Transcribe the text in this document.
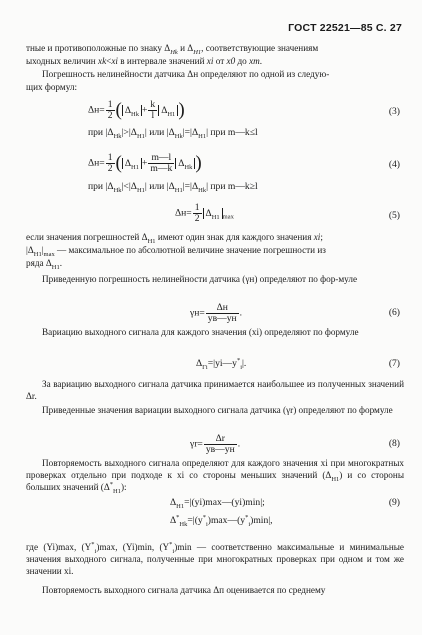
ГОСТ 22521—85 С. 27
тные и противоположные по знаку $\Delta_{Hk}$ и $\Delta_{H1}$, соответствующие значениям
ыходных величин xk<xi в интервале значений xi от x0 до xm.
Погрешность нелинейности датчика Δн определяют по одной из следую-
щих формул:
$\Delta н= \frac{1}{2}$ ( $\Delta_{Hk} + \frac{k}{l} \Delta_{H1}$ )	(3)
при $|\Delta_{Hk}|>|\Delta_{H1}|$ или $|\Delta_{Hk}|=|\Delta_{H1}|$ при m—k≤l
$\Delta н= \frac{1}{2}$ ( $\Delta_{H1} + \frac{m—l}{m—k} \Delta_{Hk}$ )	(4)
при $|\Delta_{Hk}|<|\Delta_{H1}|$ или $|\Delta_{H1}|=|\Delta_{Hk}|$ при m—k≥l
$\Delta н= \frac{1}{2} \Delta_{H1}$ $_{max}$	(5)
если значения погрешностей $\Delta_{H1}$ имеют один знак для каждого значения xi;
$|\Delta_{H1}|_{max}$ — максимальное по абсолютной величине значение погрешности из
ряда $\Delta_{H1}$.
Приведенную погрешность нелинейности датчика (γн) определяют по фор-муле
$\gamma н= \frac{\Delta н}{yв—yн}$ .	(6)
Вариацию выходного сигнала для каждого значения (xi) определяют по формуле
$\Delta_{Гi}=|yi—y^*_i|$.	(7)
За вариацию выходного сигнала датчика принимается наибольшее из полученных значений Δr.
Приведенные значения вариации выходного сигнала датчика (γr) определяют по формуле
$\gamma r= \frac{\Delta r}{yв—yн}$ .	(8)
Повторяемость выходного сигнала определяют для каждого значения xi при многократных проверках отдельно при подходе к xi со стороны меньших значений $(\Delta_{H1})$ и со стороны больших значений $(\Delta^*_{H1})$:
$\Delta_{H1}=|(yi)\max—(yi)\min|$;
$\Delta^*_{Hk}=|(y^*_i)\max—(y^*_i)\min|$,
(9)
где (Yi)max, $(Y^*_i)\max$, (Yi)min, $(Y^*_i)\min$ — соответственно максимальные и минимальные значения выходного сигнала, полученные при многократных проверках при одном и том же значении xi.
Повторяемость выходного сигнала датчика Δп оценивается по среднему
